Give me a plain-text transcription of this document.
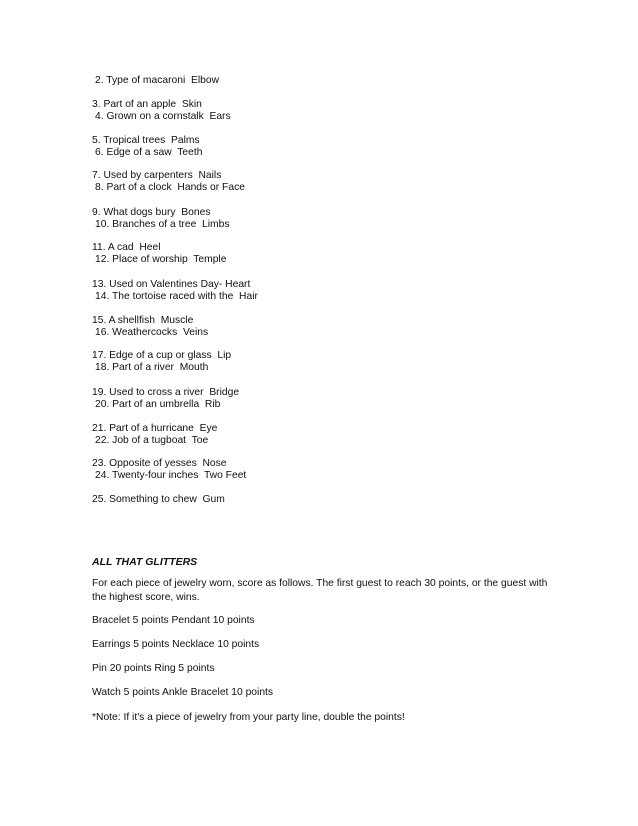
2. Type of macaroni  Elbow
3. Part of an apple  Skin
4. Grown on a cornstalk  Ears
5. Tropical trees  Palms
6. Edge of a saw  Teeth
7. Used by carpenters  Nails
8. Part of a clock  Hands or Face
9. What dogs bury  Bones
10. Branches of a tree  Limbs
11. A cad  Heel
12. Place of worship  Temple
13. Used on Valentines Day- Heart
14. The tortoise raced with the  Hair
15. A shellfish  Muscle
16. Weathercocks  Veins
17. Edge of a cup or glass  Lip
18. Part of a river  Mouth
19. Used to cross a river  Bridge
20. Part of an umbrella  Rib
21. Part of a hurricane  Eye
22. Job of a tugboat  Toe
23. Opposite of yesses  Nose
24. Twenty-four inches  Two Feet
25. Something to chew  Gum
ALL THAT GLITTERS
For each piece of jewelry worn, score as follows. The first guest to reach 30 points, or the guest with the highest score, wins.
Bracelet 5 points Pendant 10 points
Earrings 5 points Necklace 10 points
Pin 20 points Ring 5 points
Watch 5 points Ankle Bracelet 10 points
*Note: If it's a piece of jewelry from your party line, double the points!
